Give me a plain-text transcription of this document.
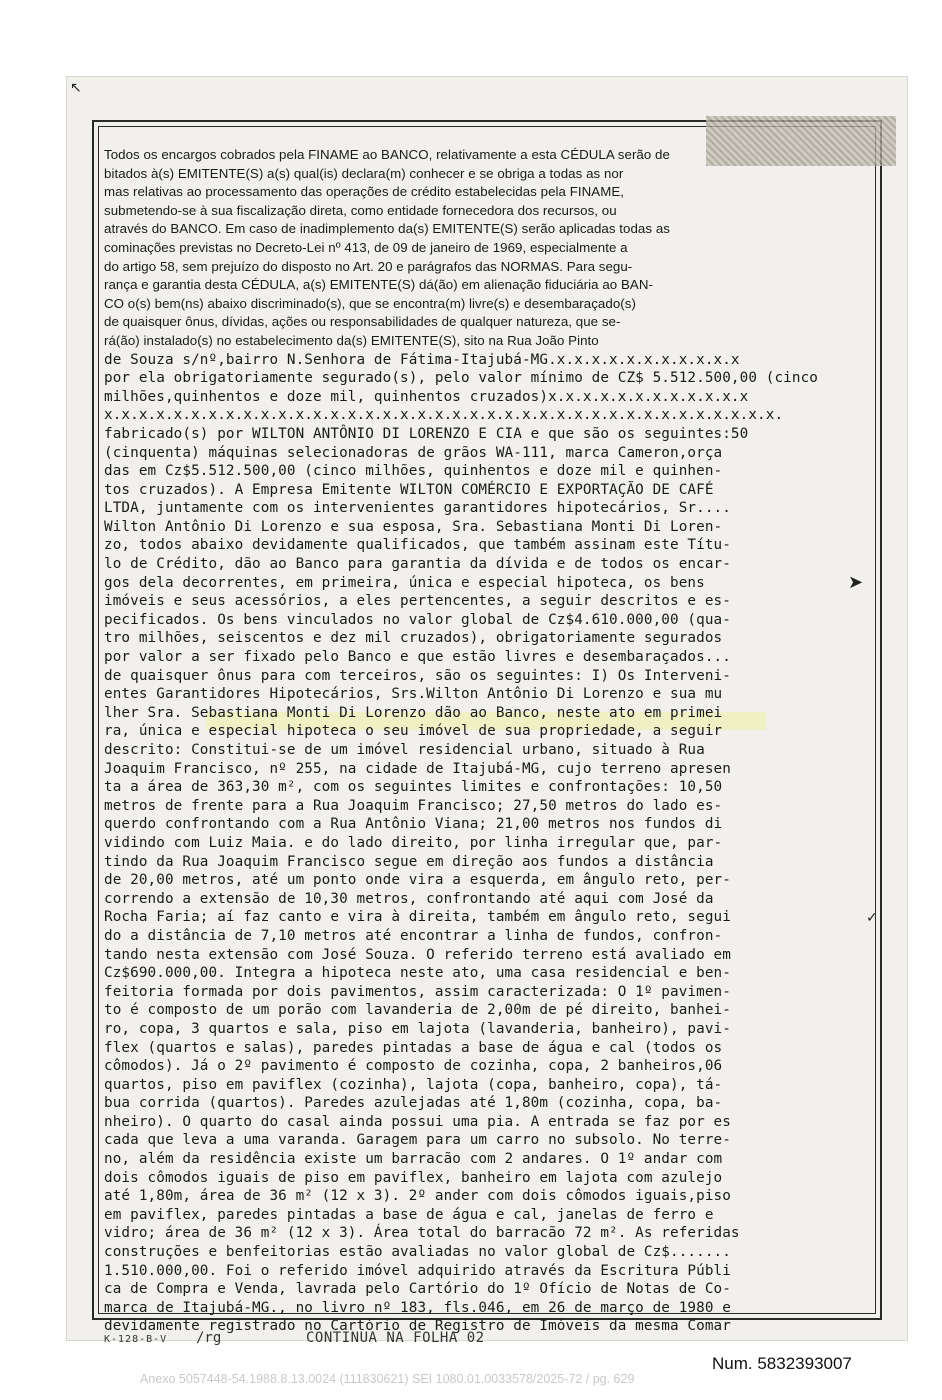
↖
➤
✓
Todos os encargos cobrados pela FINAME ao BANCO, relativamente a esta CÉDULA serão de
bitados à(s) EMITENTE(S) a(s) qual(is) declara(m) conhecer e se obriga a todas as nor
mas relativas ao processamento das operações de crédito estabelecidas pela FINAME,
submetendo-se à sua fiscalização direta, como entidade fornecedora dos recursos, ou
através do BANCO. Em caso de inadimplemento da(s) EMITENTE(S) serão aplicadas todas as
cominações previstas no Decreto-Lei nº 413, de 09 de janeiro de 1969, especialmente a
do artigo 58, sem prejuízo do disposto no Art. 20 e parágrafos das NORMAS. Para segu-
rança e garantia desta CÉDULA, a(s) EMITENTE(S) dá(ão) em alienação fiduciária ao BAN-
CO o(s) bem(ns) abaixo discriminado(s), que se encontra(m) livre(s) e desembaraçado(s)
de quaisquer ônus, dívidas, ações ou responsabilidades de qualquer natureza, que se-
rá(ão) instalado(s) no estabelecimento da(s) EMITENTE(S), sito na Rua João Pinto
de Souza s/nº,bairro N.Senhora de Fátima-Itajubá-MG.x.x.x.x.x.x.x.x.x.x.x
por ela obrigatoriamente segurado(s), pelo valor mínimo de CZ$ 5.512.500,00 (cinco
milhões,quinhentos e doze mil, quinhentos cruzados)x.x.x.x.x.x.x.x.x.x.x.x
x.x.x.x.x.x.x.x.x.x.x.x.x.x.x.x.x.x.x.x.x.x.x.x.x.x.x.x.x.x.x.x.x.x.x.x.x.x.x.
fabricado(s) por WILTON ANTÔNIO DI LORENZO E CIA e que são os seguintes:50
(cinquenta) máquinas selecionadoras de grãos WA-111, marca Cameron,orça
das em Cz$5.512.500,00 (cinco milhões, quinhentos e doze mil e quinhen-
tos cruzados). A Empresa Emitente WILTON COMÉRCIO E EXPORTAÇÃO DE CAFÉ
LTDA, juntamente com os intervenientes garantidores hipotecários, Sr....
Wilton Antônio Di Lorenzo e sua esposa, Sra. Sebastiana Monti Di Loren-
zo, todos abaixo devidamente qualificados, que também assinam este Títu-
lo de Crédito, dão ao Banco para garantia da dívida e de todos os encar-
gos dela decorrentes, em primeira, única e especial hipoteca, os bens
imóveis e seus acessórios, a eles pertencentes, a seguir descritos e es-
pecificados. Os bens vinculados no valor global de Cz$4.610.000,00 (qua-
tro milhões, seiscentos e dez mil cruzados), obrigatoriamente segurados
por valor a ser fixado pelo Banco e que estão livres e desembaraçados...
de quaisquer ônus para com terceiros, são os seguintes: I) Os Interveni-
entes Garantidores Hipotecários, Srs.Wilton Antônio Di Lorenzo e sua mu
lher Sra. Sebastiana Monti Di Lorenzo dão ao Banco, neste ato em primei
ra, única e especial hipoteca o seu imóvel de sua propriedade, a seguir
descrito: Constitui-se de um imóvel residencial urbano, situado à Rua
Joaquim Francisco, nº 255, na cidade de Itajubá-MG, cujo terreno apresen
ta a área de 363,30 m², com os seguintes limites e confrontações: 10,50
metros de frente para a Rua Joaquim Francisco; 27,50 metros do lado es-
querdo confrontando com a Rua Antônio Viana; 21,00 metros nos fundos di
vidindo com Luiz Maia. e do lado direito, por linha irregular que, par-
tindo da Rua Joaquim Francisco segue em direção aos fundos a distância
de 20,00 metros, até um ponto onde vira a esquerda, em ângulo reto, per-
correndo a extensão de 10,30 metros, confrontando até aqui com José da
Rocha Faria; aí faz canto e vira à direita, também em ângulo reto, segui
do a distância de 7,10 metros até encontrar a linha de fundos, confron-
tando nesta extensão com José Souza. O referido terreno está avaliado em
Cz$690.000,00. Integra a hipoteca neste ato, uma casa residencial e ben-
feitoria formada por dois pavimentos, assim caracterizada: O 1º pavimen-
to é composto de um porão com lavanderia de 2,00m de pé direito, banhei-
ro, copa, 3 quartos e sala, piso em lajota (lavanderia, banheiro), pavi-
flex (quartos e salas), paredes pintadas a base de água e cal (todos os
cômodos). Já o 2º pavimento é composto de cozinha, copa, 2 banheiros,06
quartos, piso em paviflex (cozinha), lajota (copa, banheiro, copa), tá-
bua corrida (quartos). Paredes azulejadas até 1,80m (cozinha, copa, ba-
nheiro). O quarto do casal ainda possui uma pia. A entrada se faz por es
cada que leva a uma varanda. Garagem para um carro no subsolo. No terre-
no, além da residência existe um barracão com 2 andares. O 1º andar com
dois cômodos iguais de piso em paviflex, banheiro em lajota com azulejo
até 1,80m, área de 36 m² (12 x 3). 2º ander com dois cômodos iguais,piso
em paviflex, paredes pintadas a base de água e cal, janelas de ferro e
vidro; área de 36 m² (12 x 3). Área total do barracão 72 m². As referidas
construções e benfeitorias estão avaliadas no valor global de Cz$.......
1.510.000,00. Foi o referido imóvel adquirido através da Escritura Públi
ca de Compra e Venda, lavrada pelo Cartório do 1º Ofício de Notas de Co-
marca de Itajubá-MG., no livro nº 183, fls.046, em 26 de março de 1980 e
devidamente registrado no Cartório de Registro de Imóveis da mesma Comar
K-128-B-V /rg	CONTINUA NA FOLHA 02
Num. 5832393007
Anexo 5057448-54.1988.8.13.0024 (111830621) SEI 1080.01.0033578/2025-72 / pg. 629
